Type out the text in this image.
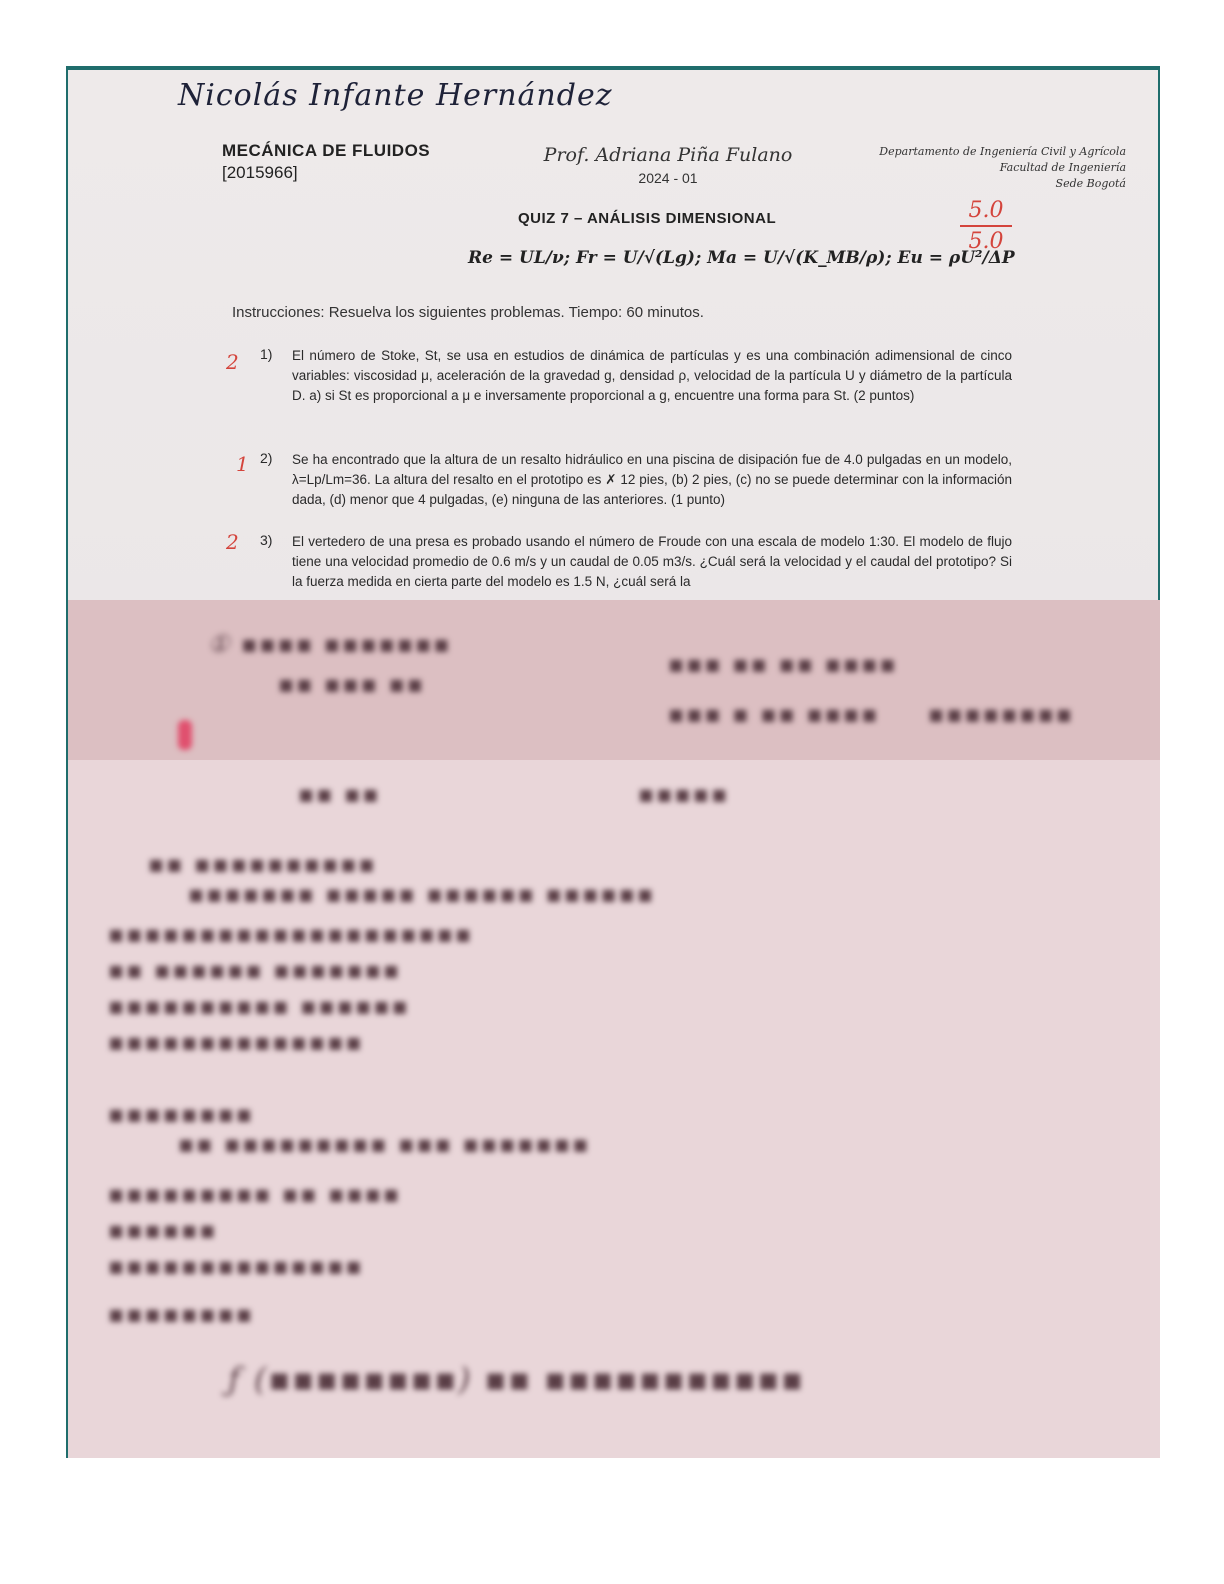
Nicolás Infante Hernández
MECÁNICA DE FLUIDOS
[2015966]
Prof. Adriana Piña Fulano
2024 - 01
Departamento de Ingeniería Civil y Agrícola
Facultad de Ingeniería
Sede Bogotá
5.0
5.0
QUIZ 7 – ANÁLISIS DIMENSIONAL
Re = UL/ν; Fr = U/√(Lg); Ma = U/√(K_MB/ρ); Eu = ρU²/ΔP
Instrucciones: Resuelva los siguientes problemas. Tiempo: 60 minutos.
2 1) El número de Stoke, St, se usa en estudios de dinámica de partículas y es una combinación adimensional de cinco variables: viscosidad μ, aceleración de la gravedad g, densidad ρ, velocidad de la partícula U y diámetro de la partícula D. a) si St es proporcional a μ e inversamente proporcional a g, encuentre una forma para St. (2 puntos)
1 2) Se ha encontrado que la altura de un resalto hidráulico en una piscina de disipación fue de 4.0 pulgadas en un modelo, λ=Lp/Lm=36. La altura del resalto en el prototipo es ✗ 12 pies, (b) 2 pies, (c) no se puede determinar con la información dada, (d) menor que 4 pulgadas, (e) ninguna de las anteriores. (1 punto)
2 3) El vertedero de una presa es probado usando el número de Froude con una escala de modelo 1:30. El modelo de flujo tiene una velocidad promedio de 0.6 m/s y un caudal de 0.05 m3/s. ¿Cuál será la velocidad y el caudal del prototipo? Si la fuerza medida en cierta parte del modelo es 1.5 N, ¿cuál será la
① ▪▪▪▪ ▪▪▪▪▪▪▪
▪▪ ▪▪▪ ▪▪
▪▪▪ ▪▪ ▪▪ ▪▪▪▪
▪▪▪ ▪ ▪▪ ▪▪▪▪ ▪▪▪▪▪▪▪▪
▪▪ ▪▪	▪▪▪▪▪
▪▪ ▪▪▪▪▪▪▪▪▪▪
▪▪▪▪▪▪▪ ▪▪▪▪▪ ▪▪▪▪▪▪ ▪▪▪▪▪▪
▪▪▪▪▪▪▪▪▪▪▪▪▪▪▪▪▪▪▪▪
▪▪ ▪▪▪▪▪▪ ▪▪▪▪▪▪▪
▪▪▪▪▪▪▪▪▪▪ ▪▪▪▪▪▪
▪▪▪▪▪▪▪▪▪▪▪▪▪▪
▪▪▪▪▪▪▪▪
▪▪ ▪▪▪▪▪▪▪▪▪ ▪▪▪ ▪▪▪▪▪▪▪
▪▪▪▪▪▪▪▪▪ ▪▪ ▪▪▪▪
▪▪▪▪▪▪
▪▪▪▪▪▪▪▪▪▪▪▪▪▪
▪▪▪▪▪▪▪▪
ƒ (▪▪▪▪▪▪▪▪) ▪▪ ▪▪▪▪▪▪▪▪▪▪▪
